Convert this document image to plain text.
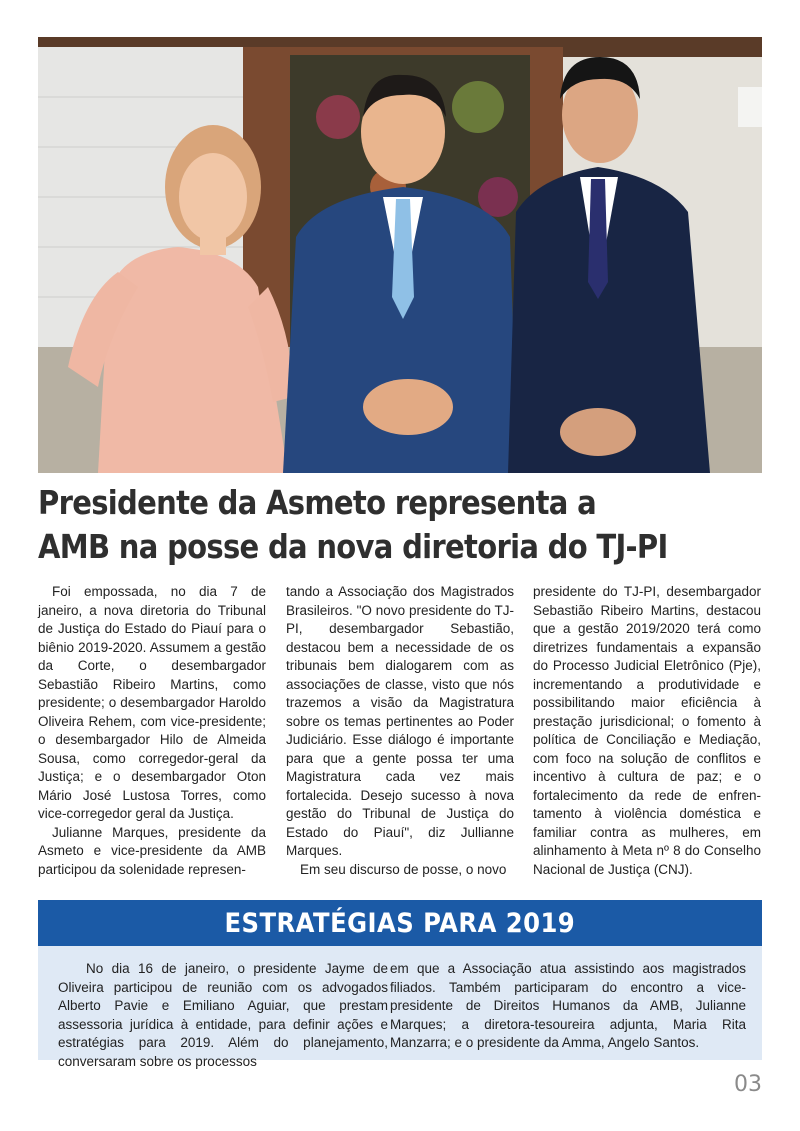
Presidente da Asmeto representa a
AMB na posse da nova diretoria do TJ-PI

Foi empossada, no dia 7 de janeiro, a nova diretoria do Tribunal de Justiça do Estado do Piauí para o biênio 2019-2020. Assumem a gestão da Corte, o desembargador Sebastião Ribeiro Martins, como presidente; o desembargador Haroldo Oliveira Rehem, com vice-presidente; o desembargador Hilo de Almeida Sousa, como corregedor-geral da Justiça; e o desembargador Oton Mário José Lustosa Torres, como vice-corregedor geral da Justiça.

Julianne Marques, presidente da Asmeto e vice-presidente da AMB participou da solenidade represen-

tando a Associação dos Magistrados Brasileiros. "O novo presidente do TJ-PI, desembargador Sebastião, destacou bem a necessidade de os tribunais bem dialogarem com as associações de classe, visto que nós trazemos a visão da Magistratura sobre os temas pertinentes ao Poder Judiciário. Esse diálogo é importante para que a gente possa ter uma Magistratura cada vez mais fortalecida. Desejo sucesso à nova gestão do Tribunal de Justiça do Estado do Piauí", diz Jullianne Marques.

Em seu discurso de posse, o novo

presidente do TJ-PI, desembargador Sebastião Ribeiro Martins, destacou que a gestão 2019/2020 terá como diretrizes fundamentais a expansão do Processo Judicial Eletrônico (Pje), incrementando a produtividade e possibilitando maior eficiência à prestação jurisdicional; o fomento à política de Conciliação e Mediação, com foco na solução de conflitos e incentivo à cultura de paz; e o fortalecimento da rede de enfren-tamento à violência doméstica e familiar contra as mulheres, em alinhamento à Meta nº 8 do Conselho Nacional de Justiça (CNJ).

ESTRATÉGIAS PARA 2019

No dia 16 de janeiro, o presidente Jayme de Oliveira participou de reunião com os advogados Alberto Pavie e Emiliano Aguiar, que prestam assessoria jurídica à entidade, para definir ações e estratégias para 2019. Além do planejamento, conversaram sobre os processos

em que a Associação atua assistindo aos magistrados filiados. Também participaram do encontro a vice-presidente de Direitos Humanos da AMB, Julianne Marques; a diretora-tesoureira adjunta, Maria Rita Manzarra; e o presidente da Amma, Angelo Santos.

03
